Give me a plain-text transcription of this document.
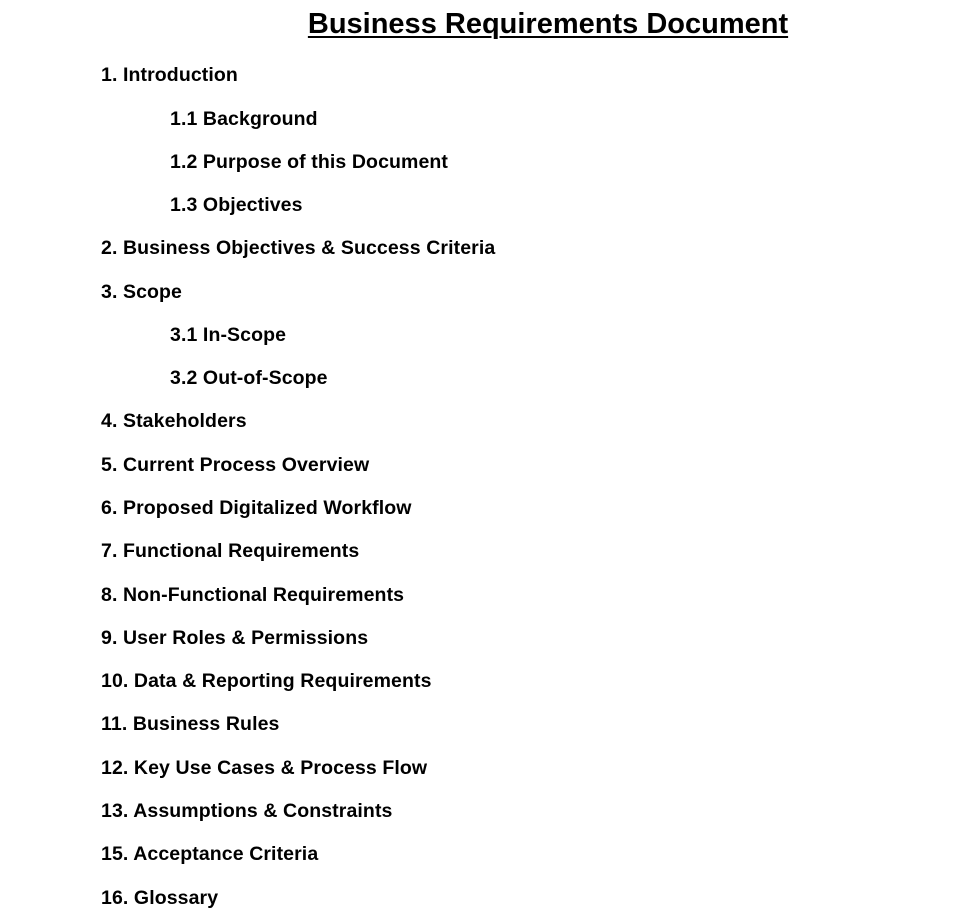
Business Requirements Document
1. Introduction
1.1 Background
1.2 Purpose of this Document
1.3 Objectives
2. Business Objectives & Success Criteria
3. Scope
3.1 In-Scope
3.2 Out-of-Scope
4. Stakeholders
5. Current Process Overview
6. Proposed Digitalized Workflow
7. Functional Requirements
8. Non-Functional Requirements
9. User Roles & Permissions
10. Data & Reporting Requirements
11. Business Rules
12. Key Use Cases & Process Flow
13. Assumptions & Constraints
15. Acceptance Criteria
16. Glossary
